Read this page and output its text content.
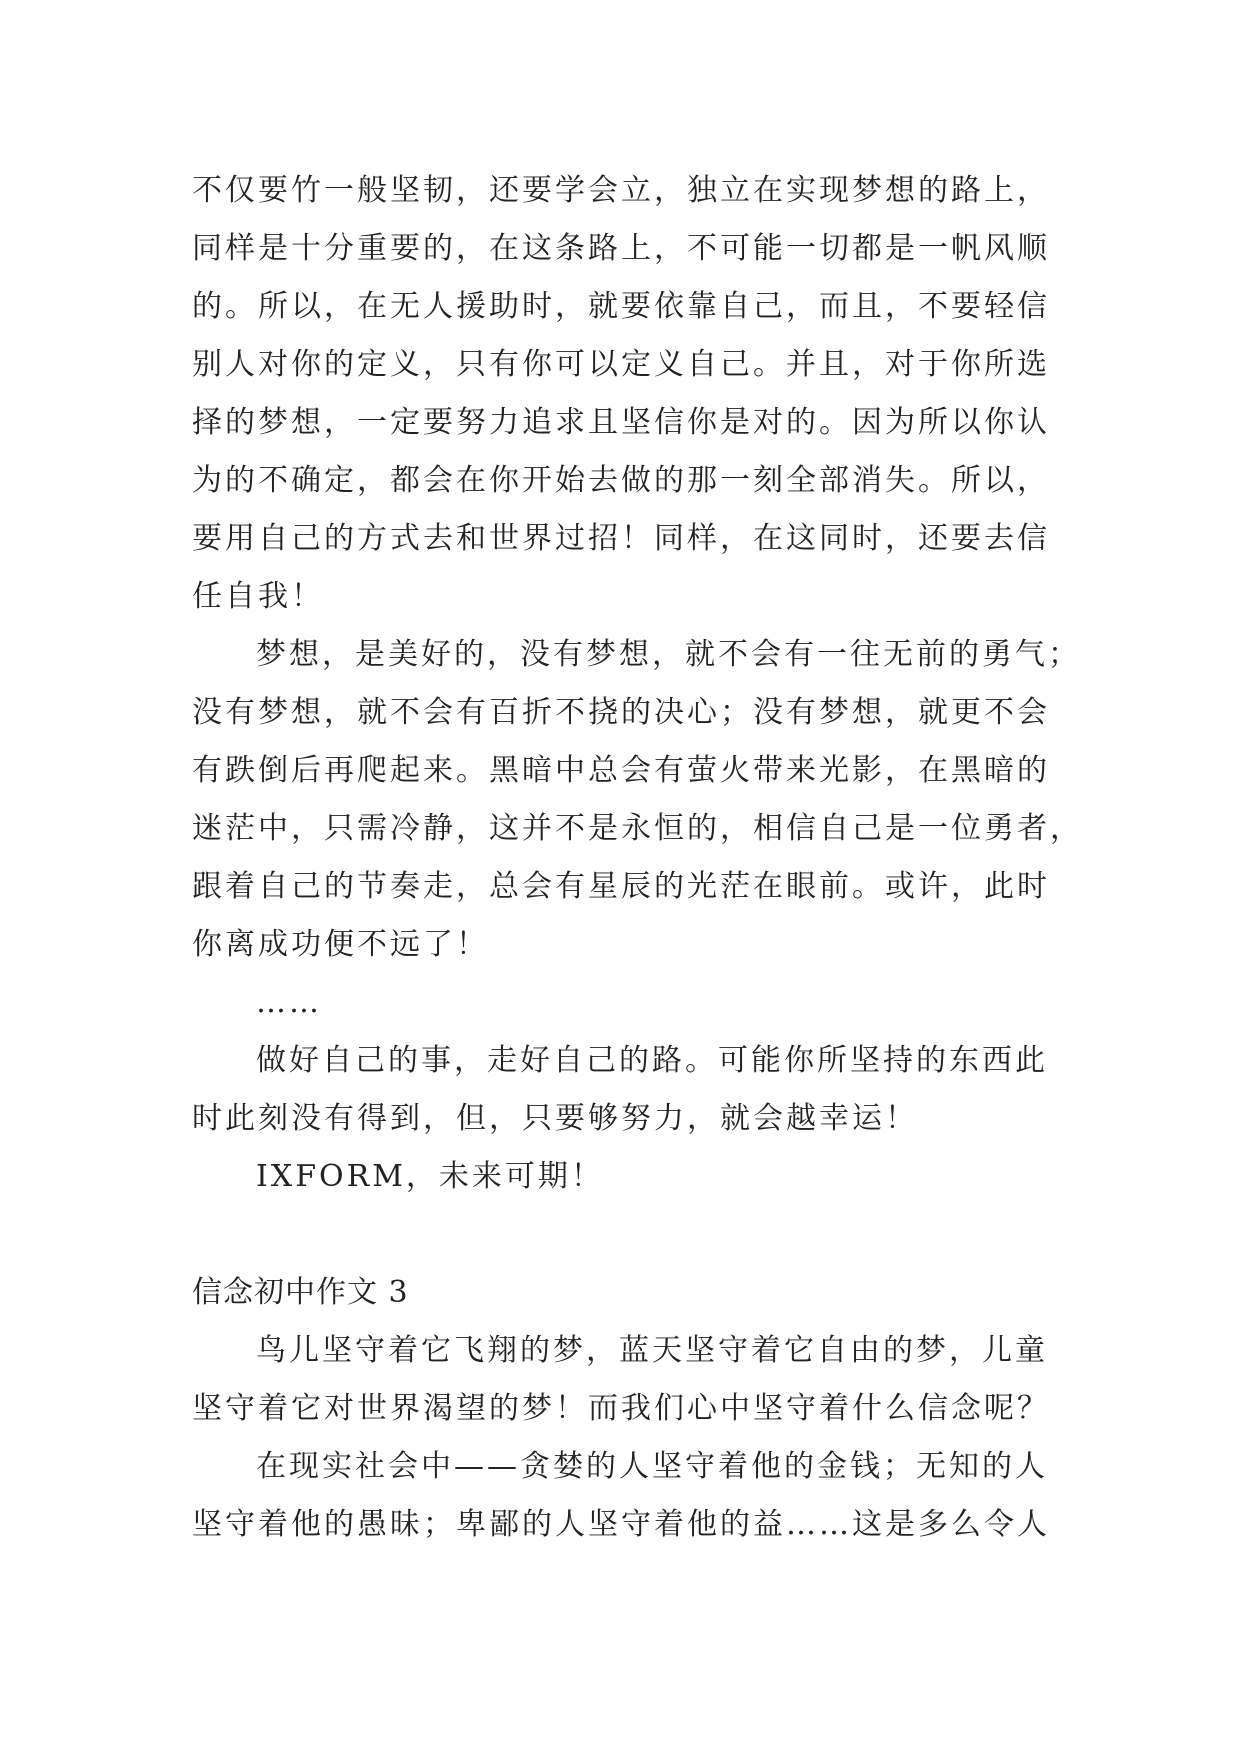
不仅要竹一般坚韧，还要学会立，独立在实现梦想的路上，
同样是十分重要的，在这条路上，不可能一切都是一帆风顺
的。所以，在无人援助时，就要依靠自己，而且，不要轻信
别人对你的定义，只有你可以定义自己。并且，对于你所选
择的梦想，一定要努力追求且坚信你是对的。因为所以你认
为的不确定，都会在你开始去做的那一刻全部消失。所以，
要用自己的方式去和世界过招！同样，在这同时，还要去信
任自我！
梦想，是美好的，没有梦想，就不会有一往无前的勇气；
没有梦想，就不会有百折不挠的决心；没有梦想，就更不会
有跌倒后再爬起来。黑暗中总会有萤火带来光影，在黑暗的
迷茫中，只需冷静，这并不是永恒的，相信自己是一位勇者，
跟着自己的节奏走，总会有星辰的光茫在眼前。或许，此时
你离成功便不远了！
……
做好自己的事，走好自己的路。可能你所坚持的东西此
时此刻没有得到，但，只要够努力，就会越幸运！
IXFORM，未来可期！
信念初中作文 3
鸟儿坚守着它飞翔的梦，蓝天坚守着它自由的梦，儿童
坚守着它对世界渴望的梦！而我们心中坚守着什么信念呢？
在现实社会中——贪婪的人坚守着他的金钱；无知的人
坚守着他的愚昧；卑鄙的人坚守着他的益……这是多么令人
